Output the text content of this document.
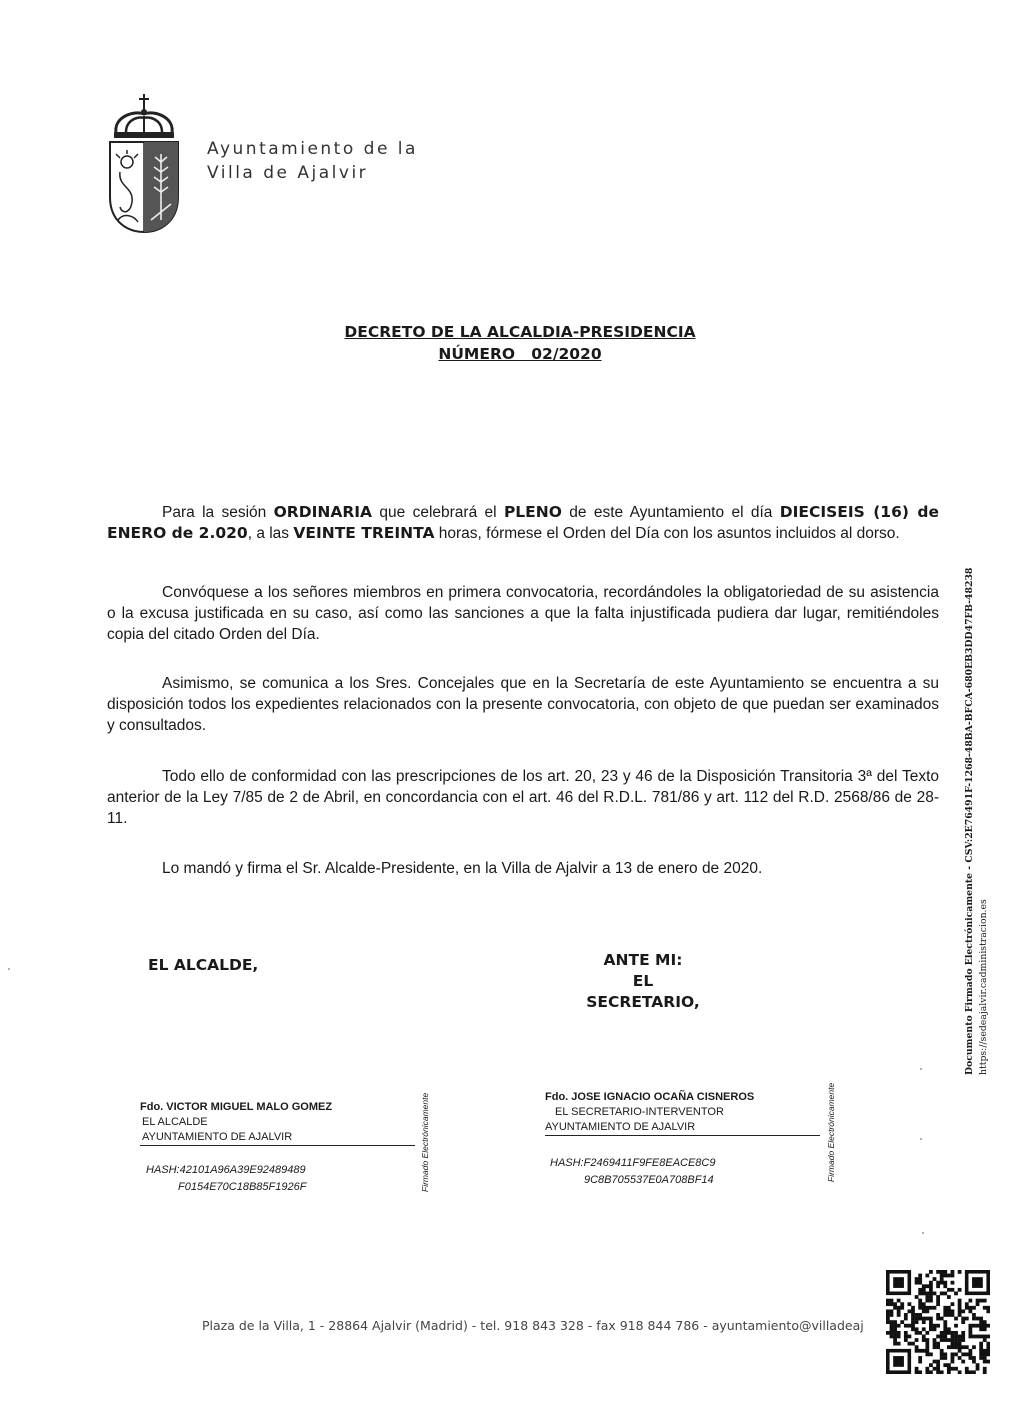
Ayuntamiento de la
Villa de Ajalvir
DECRETO DE LA ALCALDIA-PRESIDENCIA
NÚMERO   02/2020

Para la sesión ORDINARIA que celebrará el PLENO de este Ayuntamiento el día DIECISEIS (16) de ENERO de 2.020, a las VEINTE TREINTA horas, fórmese el Orden del Día con los asuntos incluidos al dorso.

Convóquese a los señores miembros en primera convocatoria, recordándoles la obligatoriedad de su asistencia o la excusa justificada en su caso, así como las sanciones a que la falta injustificada pudiera dar lugar, remitiéndoles copia del citado Orden del Día.

Asimismo, se comunica a los Sres. Concejales que en la Secretaría de este Ayuntamiento se encuentra a su disposición todos los expedientes relacionados con la presente convocatoria, con objeto de que puedan ser examinados y consultados.

Todo ello de conformidad con las prescripciones de los art. 20, 23 y 46 de la Disposición Transitoria 3ª del Texto anterior de la Ley 7/85 de 2 de Abril, en concordancia con el art. 46 del R.D.L. 781/86 y art. 112 del R.D. 2568/86 de 28-11.

Lo mandó y firma el Sr. Alcalde-Presidente, en la Villa de Ajalvir a 13 de enero de 2020.

EL ALCALDE,	ANTE MI:
EL SECRETARIO,
Fdo. VICTOR MIGUEL MALO GOMEZ
EL ALCALDE
AYUNTAMIENTO DE AJALVIR
HASH:42101A96A39E92489489
F0154E70C18B85F1926F	Firmado Electrónicamente	Fdo. JOSE IGNACIO OCAÑA CISNEROS
EL SECRETARIO-INTERVENTOR
AYUNTAMIENTO DE AJALVIR
HASH:F2469411F9FE8EACE8C9
9C8B705537E0A708BF14	Firmado Electrónicamente
Documento Firmado Electrónicamente - CSV:2E76491F-1268-48BA-BFCA-680EB3DD47FB-48238 https://sedeajalvir.cadministracion.es
Plaza de la Villa, 1 - 28864 Ajalvir (Madrid) - tel. 918 843 328 - fax 918 844 786 - ayuntamiento@villadeaj
